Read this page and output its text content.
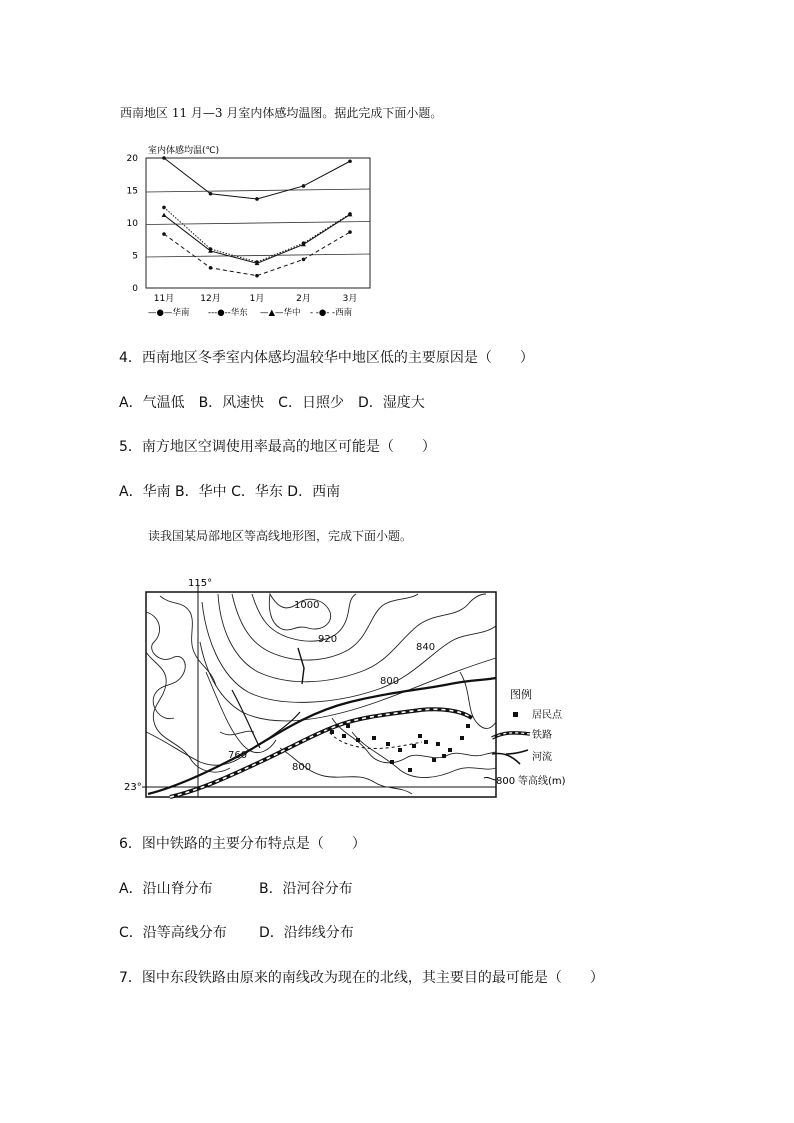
西南地区 11 月—3 月室内体感均温图。据此完成下面小题。
室内体感均温(℃)
0
5
10
15
20
11月	12月	1月	2月	3月
—●—华南 ---●--华东 —▲—华中 - -●- -西南
4．西南地区冬季室内体感均温较华中地区低的主要原因是（　　）
A．气温低　B．风速快　C．日照少　D．湿度大
5．南方地区空调使用率最高的地区可能是（　　）
A．华南 B．华中 C．华东 D．西南
读我国某局部地区等高线地形图，完成下面小题。
115°
23°
1000
920
840
800
760
800
图例
居民点
铁路
河流
800 等高线(m)
6．图中铁路的主要分布特点是（　　）
A．沿山脊分布	B．沿河谷分布
C．沿等高线分布 D．沿纬线分布
7．图中东段铁路由原来的南线改为现在的北线，其主要目的最可能是（　　）
